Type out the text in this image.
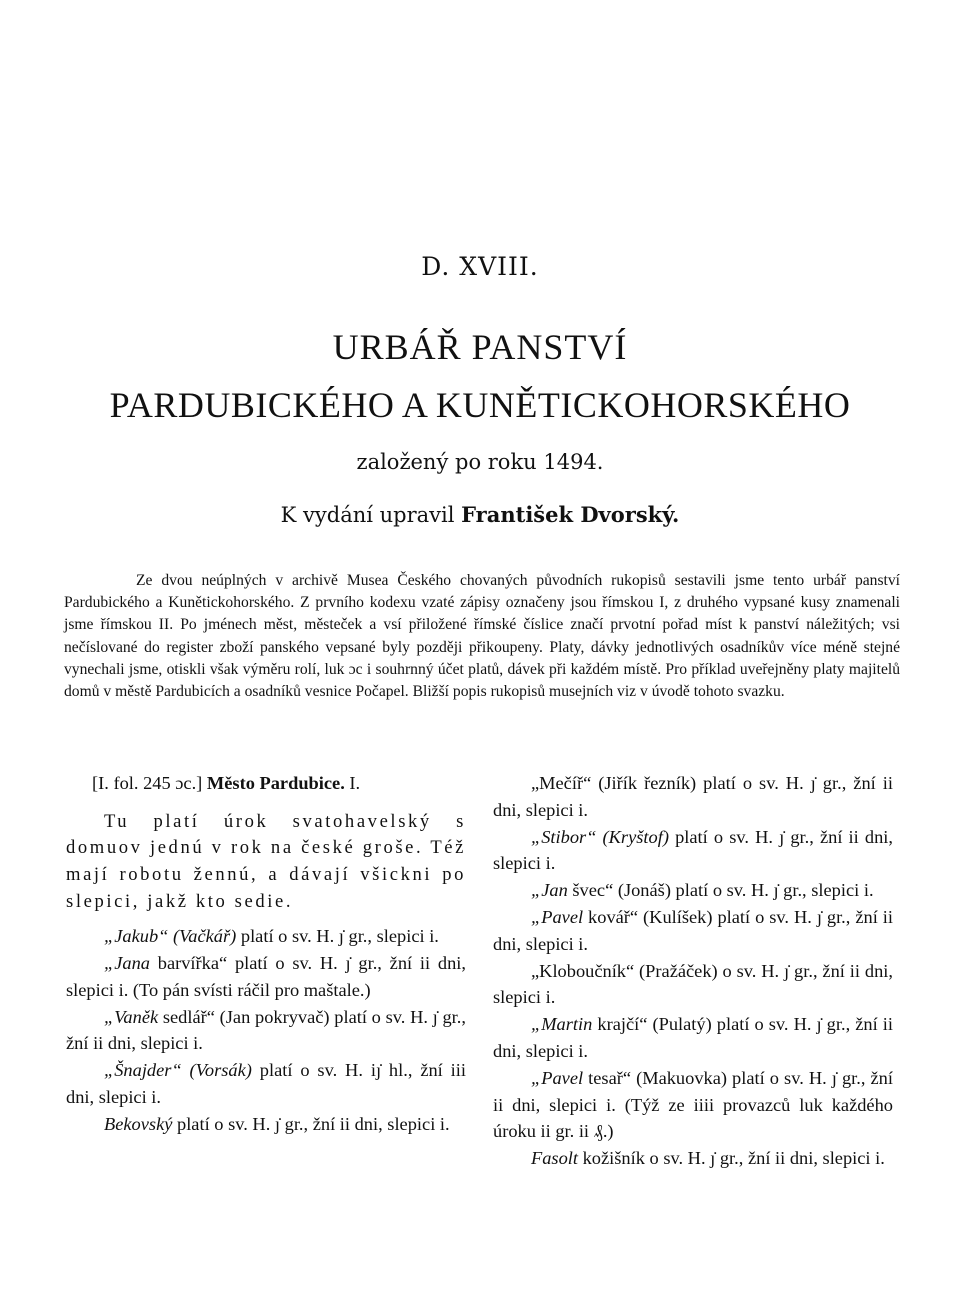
D. XVIII.
URBÁŘ PANSTVÍ
PARDUBICKÉHO A KUNĚTICKOHORSKÉHO
založený po roku 1494.
K vydání upravil František Dvorský.

Ze dvou neúplných v archivě Musea Českého chovaných původních rukopisů sestavili jsme tento urbář panství Pardubického a Kunětickohorského. Z prvního kodexu vzaté zápisy označeny jsou římskou I, z druhého vypsané kusy znamenali jsme římskou II. Po jménech měst, městeček a vsí přiložené římské číslice značí prvotní pořad míst k panství náležitých; vsi nečíslované do register zboží panského vepsané byly později přikoupeny. Platy, dávky jednotlivých osadníkův více méně stejné vynechali jsme, otiskli však výměru rolí, luk ɔc i souhrnný účet platů, dávek při každém místě. Pro příklad uveřejněny platy majitelů domů v městě Pardubicích a osadníků vesnice Počapel. Bližší popis rukopisů musejních viz v úvodě tohoto svazku.

[I. fol. 245 ɔc.] Město Pardubice. I.

Tu platí úrok svatohavelský s domuov jednú v rok na české groše. Též mají robotu žennú, a dávají všickni po slepici, jakž kto sedie.

„Jakub“ (Vačkář) platí o sv. H. ȷ̇ gr., slepici i.

„Jana barvířka“ platí o sv. H. ȷ̇ gr., žní ii dni, slepici i. (To pán svísti ráčil pro maštale.)

„Vaněk sedlář“ (Jan pokryvač) platí o sv. H. ȷ̇ gr., žní ii dni, slepici i.

„Šnajder“ (Vorsák) platí o sv. H. iȷ̇ hl., žní iii dni, slepici i.

Bekovský platí o sv. H. ȷ̇ gr., žní ii dni, slepici i.

„Mečíř“ (Jiřík řezník) platí o sv. H. ȷ̇ gr., žní ii dni, slepici i.

„Stibor“ (Kryštof) platí o sv. H. ȷ̇ gr., žní ii dni, slepici i.

„Jan švec“ (Jonáš) platí o sv. H. ȷ̇ gr., slepici i.

„Pavel kovář“ (Kulíšek) platí o sv. H. ȷ̇ gr., žní ii dni, slepici i.

„Kloboučník“ (Pražáček) o sv. H. ȷ̇ gr., žní ii dni, slepici i.

„Martin krajčí“ (Pulatý) platí o sv. H. ȷ̇ gr., žní ii dni, slepici i.

„Pavel tesař“ (Makuovka) platí o sv. H. ȷ̇ gr., žní ii dni, slepici i. (Týž ze iiii provazců luk každého úroku ii gr. ii ₰.)

Fasolt kožišník o sv. H. ȷ̇ gr., žní ii dni, slepici i.
